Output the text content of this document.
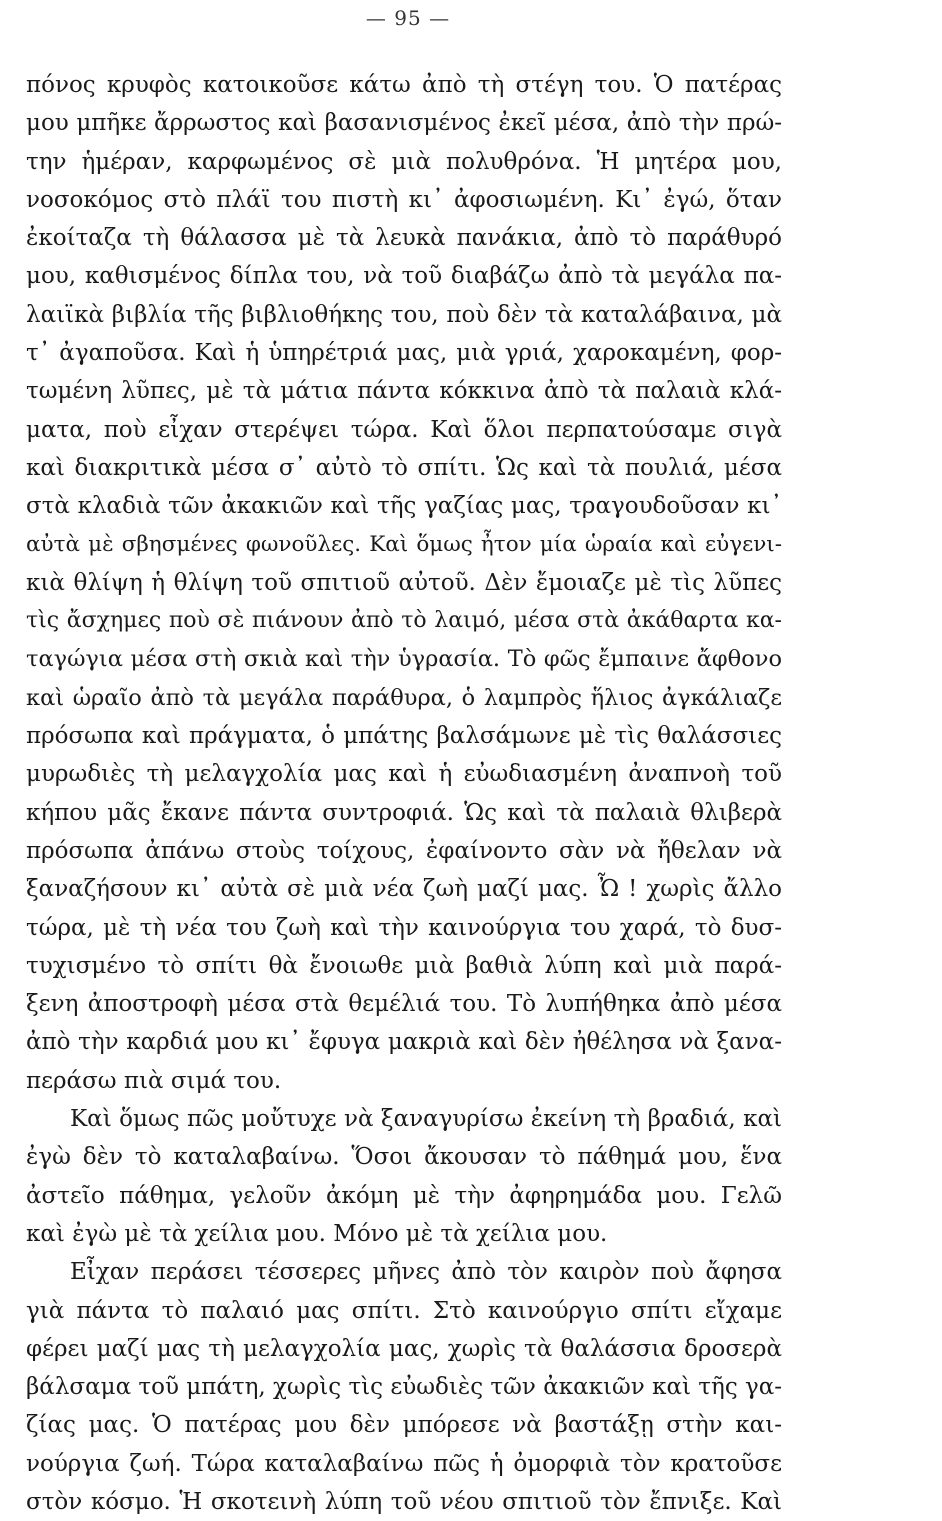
— 95 —
πόνος κρυφὸς κατοικοῦσε κάτω ἀπὸ τὴ στέγη του. Ὁ πατέρας
μου μπῆκε ἄρρωστος καὶ βασανισμένος ἐκεῖ μέσα, ἀπὸ τὴν πρώ-
την ἡμέραν, καρφωμένος σὲ μιὰ πολυθρόνα. Ἡ μητέρα μου,
νοσοκόμος στὸ πλάϊ του πιστὴ κι᾽ ἀφοσιωμένη. Κι᾽ ἐγώ, ὅταν
ἐκοίταζα τὴ θάλασσα μὲ τὰ λευκὰ πανάκια, ἀπὸ τὸ παράθυρό
μου, καθισμένος δίπλα του, νὰ τοῦ διαβάζω ἀπὸ τὰ μεγάλα πα-
λαιϊκὰ βιβλία τῆς βιβλιοθήκης του, ποὺ δὲν τὰ καταλάβαινα, μὰ
τ᾽ ἀγαποῦσα. Καὶ ἡ ὑπηρέτριά μας, μιὰ γριά, χαροκαμένη, φορ-
τωμένη λῦπες, μὲ τὰ μάτια πάντα κόκκινα ἀπὸ τὰ παλαιὰ κλά-
ματα, ποὺ εἶχαν στερέψει τώρα. Καὶ ὅλοι περπατούσαμε σιγὰ
καὶ διακριτικὰ μέσα σ᾽ αὐτὸ τὸ σπίτι. Ὡς καὶ τὰ πουλιά, μέσα
στὰ κλαδιὰ τῶν ἀκακιῶν καὶ τῆς γαζίας μας, τραγουδοῦσαν κι᾽
αὐτὰ μὲ σβησμένες φωνοῦλες. Καὶ ὅμως ἦτον μία ὡραία καὶ εὐγενι-
κιὰ θλίψη ἡ θλίψη τοῦ σπιτιοῦ αὐτοῦ. Δὲν ἔμοιαζε μὲ τὶς λῦπες
τὶς ἄσχημες ποὺ σὲ πιάνουν ἀπὸ τὸ λαιμό, μέσα στὰ ἀκάθαρτα κα-
ταγώγια μέσα στὴ σκιὰ καὶ τὴν ὑγρασία. Τὸ φῶς ἔμπαινε ἄφθονο
καὶ ὡραῖο ἀπὸ τὰ μεγάλα παράθυρα, ὁ λαμπρὸς ἥλιος ἀγκάλιαζε
πρόσωπα καὶ πράγματα, ὁ μπάτης βαλσάμωνε μὲ τὶς θαλάσσιες
μυρωδιὲς τὴ μελαγχολία μας καὶ ἡ εὐωδιασμένη ἀναπνοὴ τοῦ
κήπου μᾶς ἔκανε πάντα συντροφιά. Ὡς καὶ τὰ παλαιὰ θλιβερὰ
πρόσωπα ἀπάνω στοὺς τοίχους, ἐφαίνοντο σὰν νὰ ἤθελαν νὰ
ξαναζήσουν κι᾽ αὐτὰ σὲ μιὰ νέα ζωὴ μαζί μας. Ὦ ! χωρὶς ἄλλο
τώρα, μὲ τὴ νέα του ζωὴ καὶ τὴν καινούργια του χαρά, τὸ δυσ-
τυχισμένο τὸ σπίτι θὰ ἔνοιωθε μιὰ βαθιὰ λύπη καὶ μιὰ παρά-
ξενη ἀποστροφὴ μέσα στὰ θεμέλιά του. Τὸ λυπήθηκα ἀπὸ μέσα
ἀπὸ τὴν καρδιά μου κι᾽ ἔφυγα μακριὰ καὶ δὲν ἠθέλησα νὰ ξανα-
περάσω πιὰ σιμά του.
Καὶ ὅμως πῶς μοὔτυχε νὰ ξαναγυρίσω ἐκείνη τὴ βραδιά, καὶ
ἐγὼ δὲν τὸ καταλαβαίνω. Ὅσοι ἄκουσαν τὸ πάθημά μου, ἕνα
ἀστεῖο πάθημα, γελοῦν ἀκόμη μὲ τὴν ἀφηρημάδα μου. Γελῶ
καὶ ἐγὼ μὲ τὰ χείλια μου. Μόνο μὲ τὰ χείλια μου.
Εἶχαν περάσει τέσσερες μῆνες ἀπὸ τὸν καιρὸν ποὺ ἄφησα
γιὰ πάντα τὸ παλαιό μας σπίτι. Στὸ καινούργιο σπίτι εἴχαμε
φέρει μαζί μας τὴ μελαγχολία μας, χωρὶς τὰ θαλάσσια δροσερὰ
βάλσαμα τοῦ μπάτη, χωρὶς τὶς εὐωδιὲς τῶν ἀκακιῶν καὶ τῆς γα-
ζίας μας. Ὁ πατέρας μου δὲν μπόρεσε νὰ βαστάξῃ στὴν και-
νούργια ζωή. Τώρα καταλαβαίνω πῶς ἡ ὀμορφιὰ τὸν κρατοῦσε
στὸν κόσμο. Ἡ σκοτεινὴ λύπη τοῦ νέου σπιτιοῦ τὸν ἔπνιξε. Καὶ
